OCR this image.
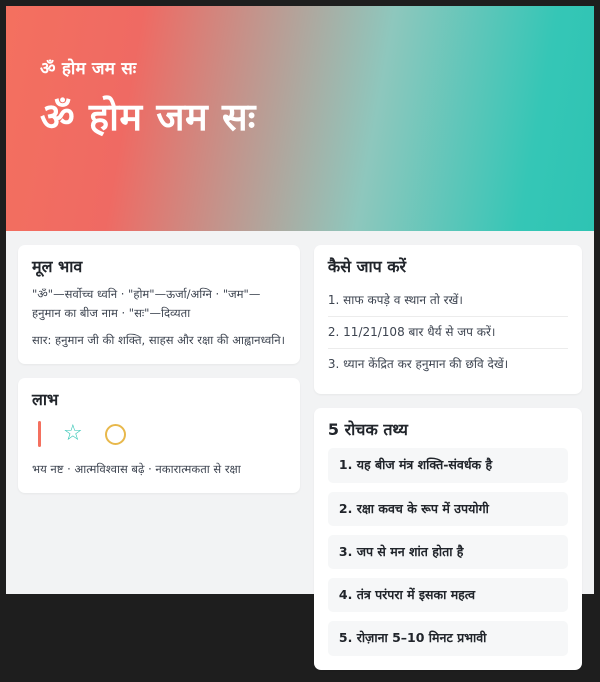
ॐ होम जम सः
ॐ होम जम सः
मूल भाव
"ॐ"—सर्वोच्च ध्वनि · "होम"—ऊर्जा/अग्नि · "जम"—हनुमान का बीज नाम · "सः"—दिव्यता
सार: हनुमान जी की शक्ति, साहस और रक्षा की आह्वानध्वनि।
लाभ
☆
भय नष्ट · आत्मविश्वास बढ़े · नकारात्मकता से रक्षा
कैसे जाप करें
1. साफ कपड़े व स्थान तो रखें।
2. 11/21/108 बार धैर्य से जप करें।
3. ध्यान केंद्रित कर हनुमान की छवि देखें।
5 रोचक तथ्य
1. यह बीज मंत्र शक्ति-संवर्धक है
2. रक्षा कवच के रूप में उपयोगी
3. जप से मन शांत होता है
4. तंत्र परंपरा में इसका महत्व
5. रोज़ाना 5–10 मिनट प्रभावी
